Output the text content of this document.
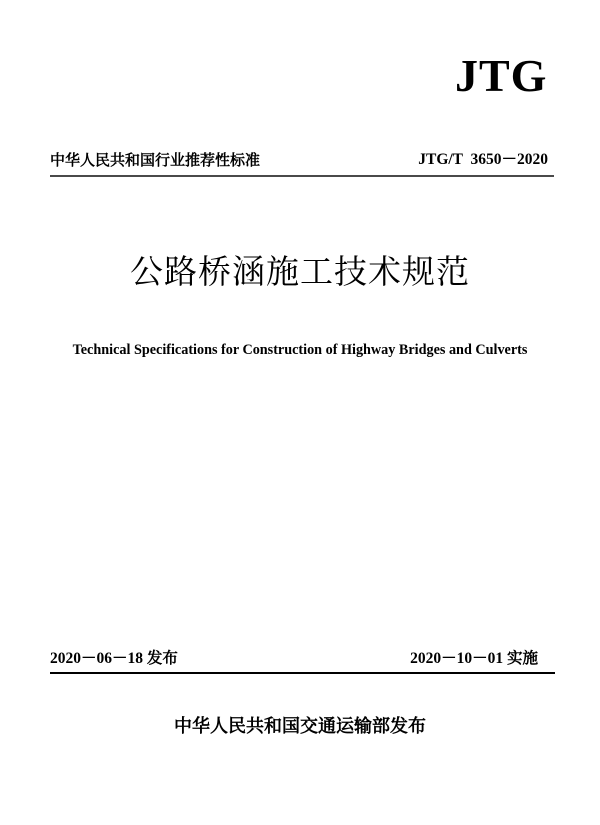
JTG
中华人民共和国行业推荐性标准	JTG/T  3650－2020
公路桥涵施工技术规范
Technical Specifications for Construction of Highway Bridges and Culverts
2020－06－18 发布	2020－10－01 实施
中华人民共和国交通运输部发布
